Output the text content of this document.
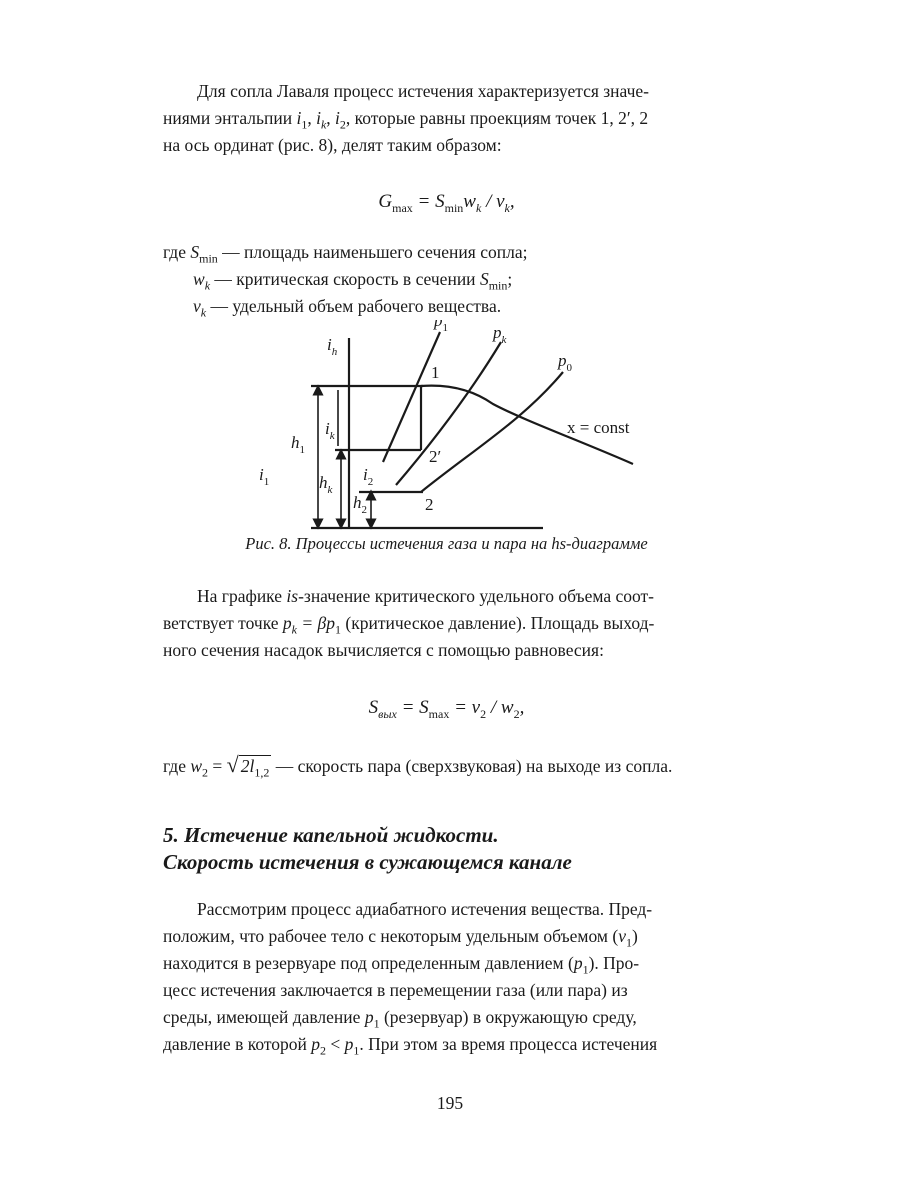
Для сопла Лаваля процесс истечения характеризуется значе-
ниями энтальпии $i_1$, $i_k$, $i_2$, которые равны проекциям точек 1, 2′, 2
на ось ординат (рис. 8), делят таким образом:

$G_{max} = S_{min}w_k / v_k$,

где $S_{min}$ — площадь наименьшего сечения сопла;

$w_k$ — критическая скорость в сечении $S_{min}$;

$v_k$ — удельный объем рабочего вещества.

$i_h$
$p_1$	$p_k$
$p_0$
1
2′
2
x = const
$i_k$
$i_2$
$h_1$
$h_k$
$h_2$
$i_1$

Рис. 8. Процессы истечения газа и пара на hs-диаграмме

На графике is-значение критического удельного объема соот-
ветствует точке $p_k = \beta p_1$ (критическое давление). Площадь выход-
ного сечения насадок вычисляется с помощью равновесия:

$S_{вых} = S_{max} = v_2 / w_2$,

где $w_2$ = √ $2l_{1,2}$ — скорость пара (сверхзвуковая) на выходе из сопла.

5. Истечение капельной жидкости.
Скорость истечения в сужающемся канале

Рассмотрим процесс адиабатного истечения вещества. Пред-
положим, что рабочее тело с некоторым удельным объемом $(v_1)$
находится в резервуаре под определенным давлением $(p_1)$. Про-
цесс истечения заключается в перемещении газа (или пара) из
среды, имеющей давление $p_1$ (резервуар) в окружающую среду,
давление в которой $p_2 < p_1$. При этом за время процесса истечения

195
